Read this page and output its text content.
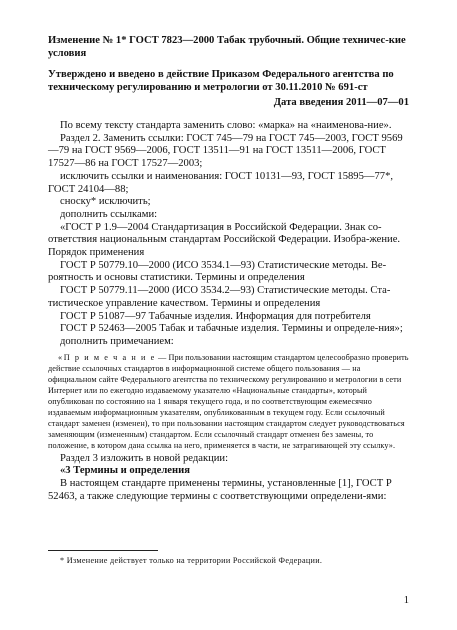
Изменение № 1* ГОСТ 7823—2000 Табак трубочный. Общие техничес-кие условия

Утверждено и введено в действие Приказом Федерального агентства по техническому регулированию и метрологии от 30.11.2010 № 691-ст

Дата введения 2011—07—01

По всему тексту стандарта заменить слово: «марка» на «наименова-ние».

Раздел 2. Заменить ссылки: ГОСТ 745—79 на ГОСТ 745—2003, ГОСТ 9569—79 на ГОСТ 9569—2006, ГОСТ 13511—91 на ГОСТ 13511—2006, ГОСТ 17527—86 на ГОСТ 17527—2003;

исключить ссылки и наименования: ГОСТ 10131—93, ГОСТ 15895—77*, ГОСТ 24104—88;

сноску* исключить;

дополнить ссылками:

«ГОСТ Р 1.9—2004 Стандартизация в Российской Федерации. Знак со-ответствия национальным стандартам Российской Федерации. Изобра-жение. Порядок применения

ГОСТ Р 50779.10—2000 (ИСО 3534.1—93) Статистические методы. Ве-роятность и основы статистики. Термины и определения

ГОСТ Р 50779.11—2000 (ИСО 3534.2—93) Статистические методы. Ста-тистическое управление качеством. Термины и определения

ГОСТ Р 51087—97 Табачные изделия. Информация для потребителя

ГОСТ Р 52463—2005 Табак и табачные изделия. Термины и определе-ния»;

дополнить примечанием:

«П р и м е ч а н и е — При пользовании настоящим стандартом целесообразно проверить действие ссылочных стандартов в информационной системе общего пользования — на официальном сайте Федерального агентства по техническому регулированию и метрологии в сети Интернет или по ежегодно издаваемому указателю «Национальные стандарты», который опубликован по состоянию на 1 января текущего года, и по соответствующим ежемесячно издаваемым информационным указателям, опубликованным в текущем году. Если ссылочный стандарт заменен (изменен), то при пользовании настоящим стандартом следует руководствоваться заменяющим (измененным) стандартом. Если ссылочный стандарт отменен без замены, то положение, в котором дана ссылка на него, применяется в части, не затрагивающей эту ссылку».

Раздел 3 изложить в новой редакции:

«3 Термины и определения

В настоящем стандарте применены термины, установленные [1], ГОСТ Р 52463, а также следующие термины с соответствующими определени-ями:

* Изменение действует только на территории Российской Федерации.

1
